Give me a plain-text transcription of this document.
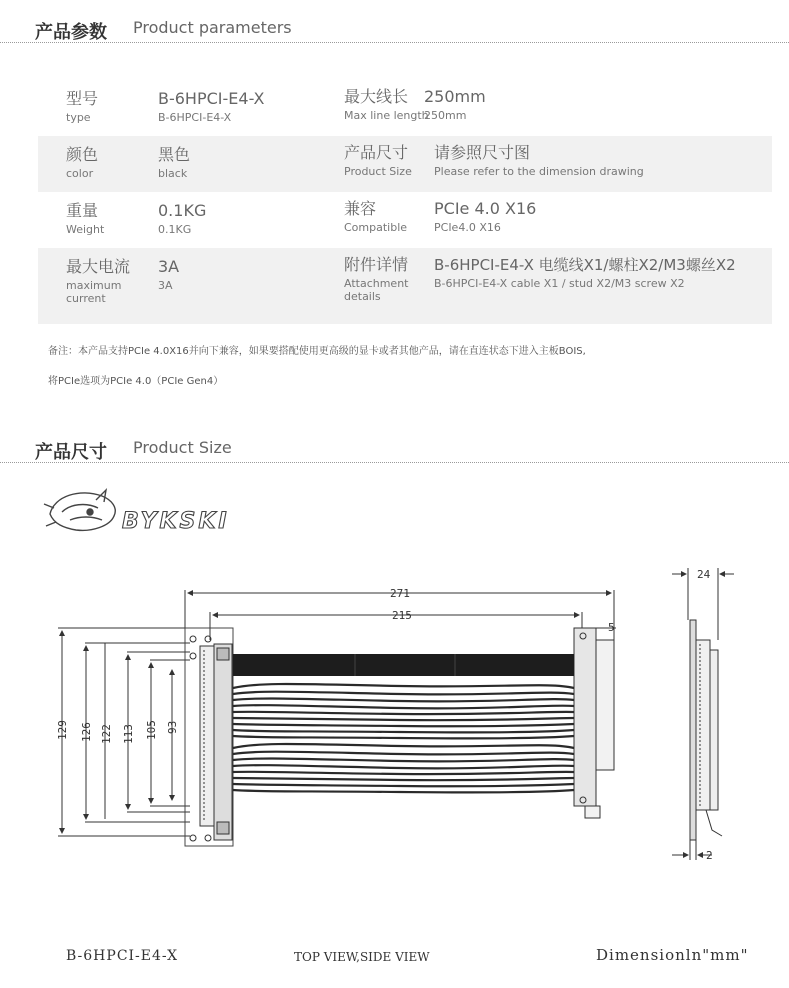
产品参数 Product parameters
型号
type
B-6HPCI-E4-X
B-6HPCI-E4-X
最大线长
Max line length
250mm
250mm
颜色
color
黑色
black
产品尺寸
Product Size
请参照尺寸图
Please refer to the dimension drawing
重量
Weight
0.1KG
0.1KG
兼容
Compatible
PCIe 4.0 X16
PCIe4.0 X16
最大电流
maximum current
3A
3A
附件详情
Attachment details
B-6HPCI-E4-X 电缆线X1/螺柱X2/M3螺丝X2
B-6HPCI-E4-X cable X1 / stud X2/M3 screw X2
备注：本产品支持PCIe 4.0X16并向下兼容，如果要搭配使用更高级的显卡或者其他产品，请在直连状态下进入主板BOIS,
将PCIe选项为PCIe 4.0（PCIe Gen4）
产品尺寸 Product Size
BYKSKI
271
215
5
24
2
129 126 122 113 105 93
B-6HPCI-E4-X	TOP VIEW,SIDE VIEW	Dimensionln"mm"
